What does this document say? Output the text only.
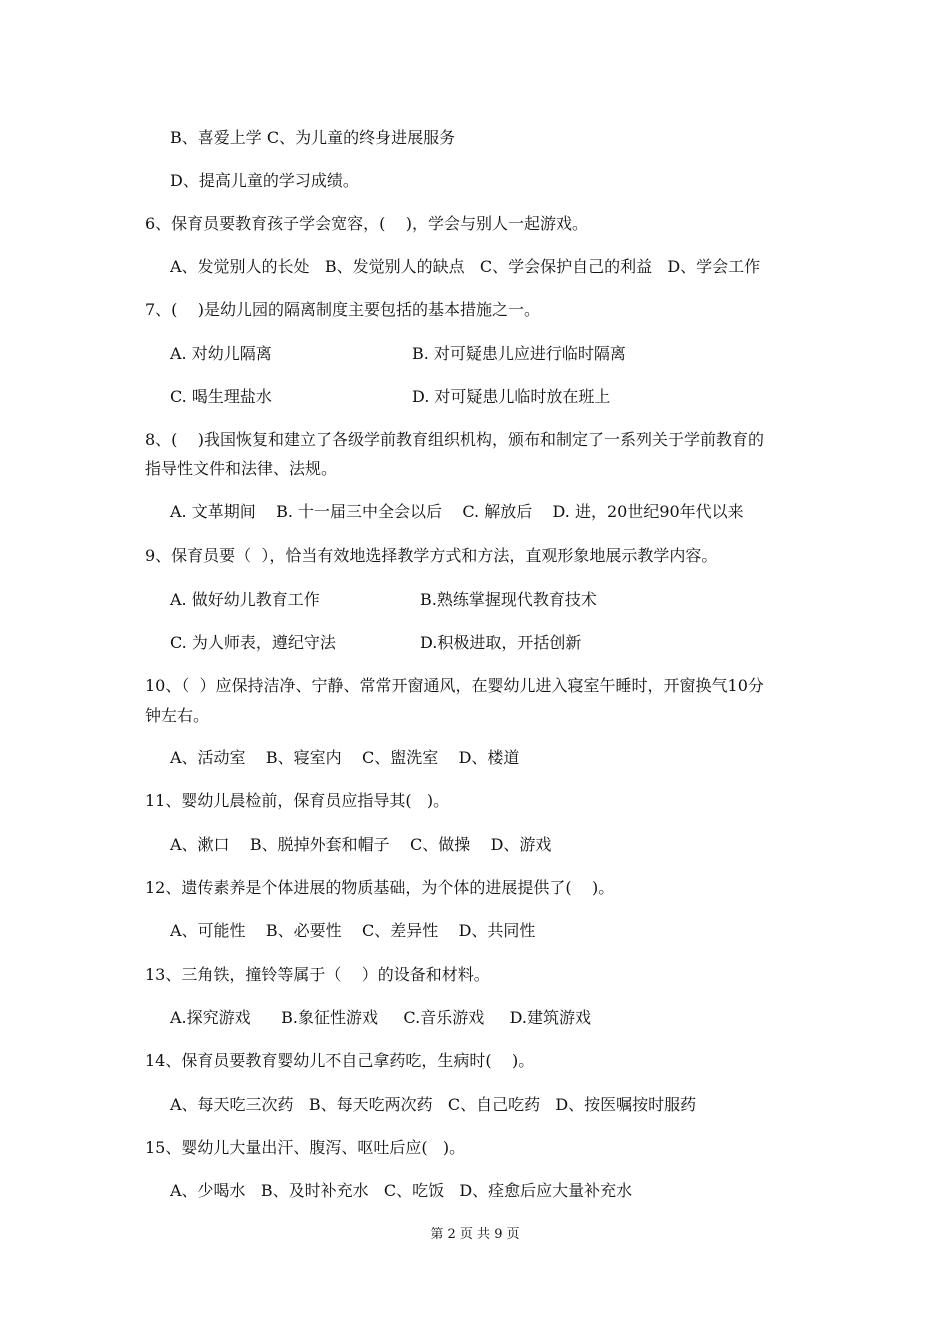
B、喜爱上学 C、为儿童的终身进展服务
D、提高儿童的学习成绩。
6、保育员要教育孩子学会宽容，(    )，学会与别人一起游戏。
A、发觉别人的长处   B、发觉别人的缺点   C、学会保护自己的利益   D、学会工作
7、(    )是幼儿园的隔离制度主要包括的基本措施之一。
A. 对幼儿隔离	B. 对可疑患儿应进行临时隔离
C. 喝生理盐水	D. 对可疑患儿临时放在班上
8、(    )我国恢复和建立了各级学前教育组织机构，颁布和制定了一系列关于学前教育的
指导性文件和法律、法规。
A. 文革期间    B. 十一届三中全会以后    C. 解放后    D. 进，20世纪90年代以来
9、保育员要（  ），恰当有效地选择教学方式和方法，直观形象地展示教学内容。
A. 做好幼儿教育工作	B.熟练掌握现代教育技术
C. 为人师表，遵纪守法	D.积极进取，开括创新
10、（  ）应保持洁净、宁静、常常开窗通风，在婴幼儿进入寝室午睡时，开窗换气10分
钟左右。
A、活动室    B、寝室内    C、盥洗室    D、楼道
11、婴幼儿晨检前，保育员应指导其(   )。
A、漱口    B、脱掉外套和帽子    C、做操    D、游戏
12、遗传素养是个体进展的物质基础，为个体的进展提供了(    )。
A、可能性    B、必要性    C、差异性    D、共同性
13、三角铁，撞铃等属于（    ）的设备和材料。
A.探究游戏      B.象征性游戏     C.音乐游戏     D.建筑游戏
14、保育员要教育婴幼儿不自己拿药吃，生病时(    )。
A、每天吃三次药   B、每天吃两次药   C、自己吃药   D、按医嘱按时服药
15、婴幼儿大量出汗、腹泻、呕吐后应(   )。
A、少喝水   B、及时补充水   C、吃饭   D、痊愈后应大量补充水
第 2 页 共 9 页
